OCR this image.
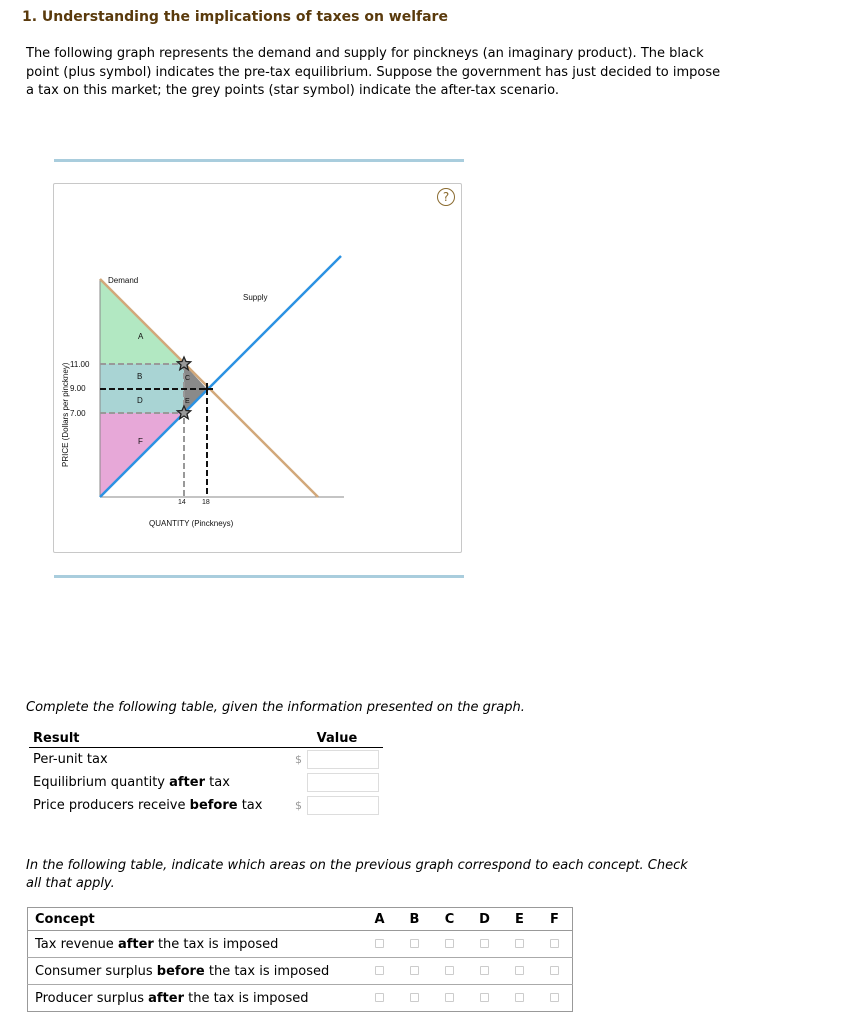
1. Understanding the implications of taxes on welfare

The following graph represents the demand and supply for pinckneys (an imaginary product). The black point (plus symbol) indicates the pre-tax equilibrium. Suppose the government has just decided to impose a tax on this market; the grey points (star symbol) indicate the after-tax scenario.

?
Demand
Supply
A
B	C
D	E
F
11.00
9.00
7.00
14 18
PRICE (Dollars per pinckney)
QUANTITY (Pinckneys)

Complete the following table, given the information presented on the graph.

Result	Value
Per-unit tax	$

Equilibrium quantity after tax	

Price producers receive before tax	$

In the following table, indicate which areas on the previous graph correspond to each concept. Check all that apply.

Concept	A	B	C	D	E	F
Tax revenue after the tax is imposed						
Consumer surplus before the tax is imposed						
Producer surplus after the tax is imposed						
